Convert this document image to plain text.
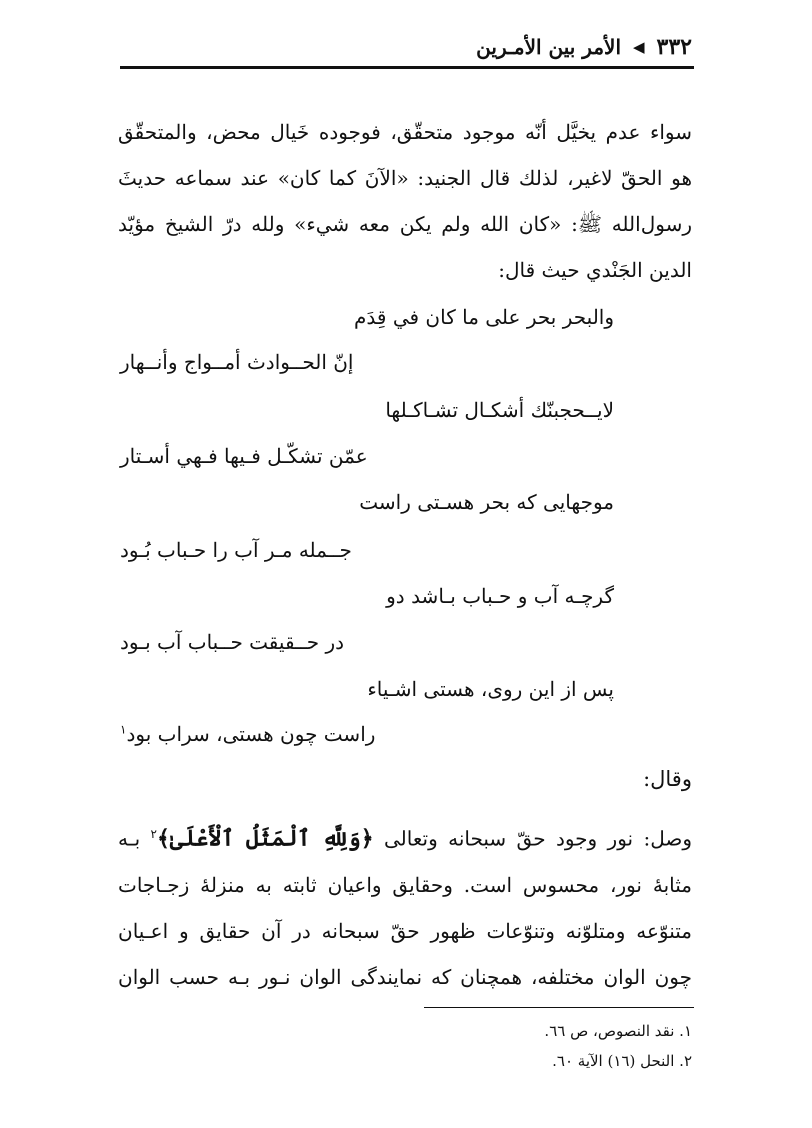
٣٣٢
◀
الأمر بين الأمـرين
سواء عدم يخيَّل أنّه موجود متحقّق، فوجوده خَيال محض، والمتحقّق
هو الحقّ لاغير، لذلك قال الجنيد: «الآنَ كما كان» عند سماعه حديثَ
رسول‌الله ﷺ: «كان الله ولم يكن معه شيء» ولله درّ الشيخ مؤيّد
الدين الجَنْدي حيث قال:
والبحر بحر على ما كان في قِدَم
إنّ الحــوادث أمــواج وأنــهار
لايــحجبنّك أشكـال تشـاكـلها
عمّن تشكّـل فـيها فـهي أسـتار
موجهايى كه بحر هسـتى راست
جــمله مـر آب را حـباب بُـود
گرچـه آب و حـباب بـاشد دو
در حــقيقت حــباب آب بـود
پس از اين روى، هستى اشـياء
راست چون هستى، سراب بود$^١$
وقال:
وصل: نور وجود حقّ سبحانه وتعالى ﴿وَلِلَّهِ ٱلْمَثَلُ ٱلْأَعْلَىٰ﴾$^٢$ بـه
مثابۀ نور، محسوس است. وحقايق واعيان ثابته به منزلۀ زجـاجات
متنوّعه ومتلوّنه وتنوّعات ظهور حقّ سبحانه در آن حقايق و اعـيان
چون الوان مختلفه، همچنان كه نمايندگى الوان نـور بـه حسب الوان
١. نقد النصوص، ص ٦٦.
٢. النحل (١٦) الآية ٦٠.
